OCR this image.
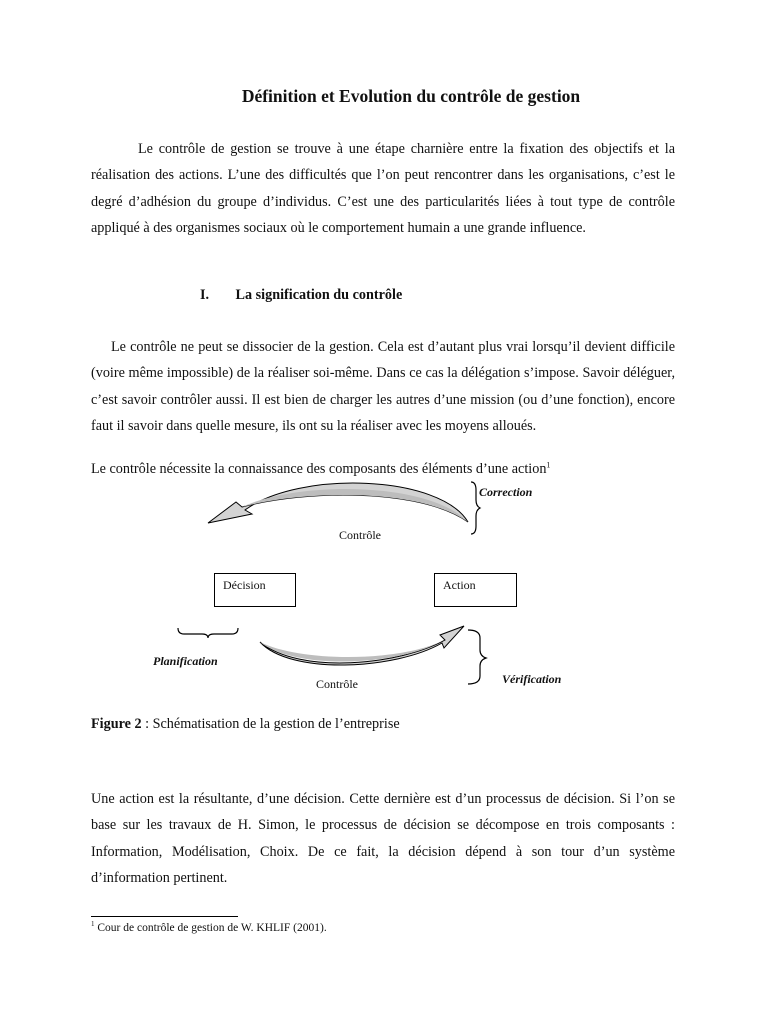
Définition et Evolution du contrôle de gestion

Le contrôle de gestion se trouve à une étape charnière entre la fixation des objectifs et la réalisation des actions. L’une des difficultés que l’on peut rencontrer dans les organisations, c’est le degré d’adhésion du groupe d’individus. C’est une des particularités liées à tout type de contrôle appliqué à des organismes sociaux où le comportement humain a une grande influence.

I. La signification du contrôle

Le contrôle ne peut se dissocier de la gestion. Cela est d’autant plus vrai lorsqu’il devient difficile (voire même impossible) de la réaliser soi-même. Dans ce cas la délégation s’impose. Savoir déléguer, c’est savoir contrôler aussi. Il est bien de charger les autres d’une mission (ou d’une fonction), encore faut il savoir dans quelle mesure, ils ont su la réaliser avec les moyens alloués.

Le contrôle nécessite la connaissance des composants des éléments d’une action$^1$

Correction
Contrôle
Décision	Action
Planification
Contrôle	Vérification

Figure 2 : Schématisation de la gestion de l’entreprise

Une action est la résultante, d’une décision. Cette dernière est d’un processus de décision. Si l’on se base sur les travaux de H. Simon, le processus de décision se décompose en trois composants : Information, Modélisation, Choix. De ce fait, la décision dépend à son tour d’un système d’information pertinent.

$^1$ Cour de contrôle de gestion de W. KHLIF (2001).
